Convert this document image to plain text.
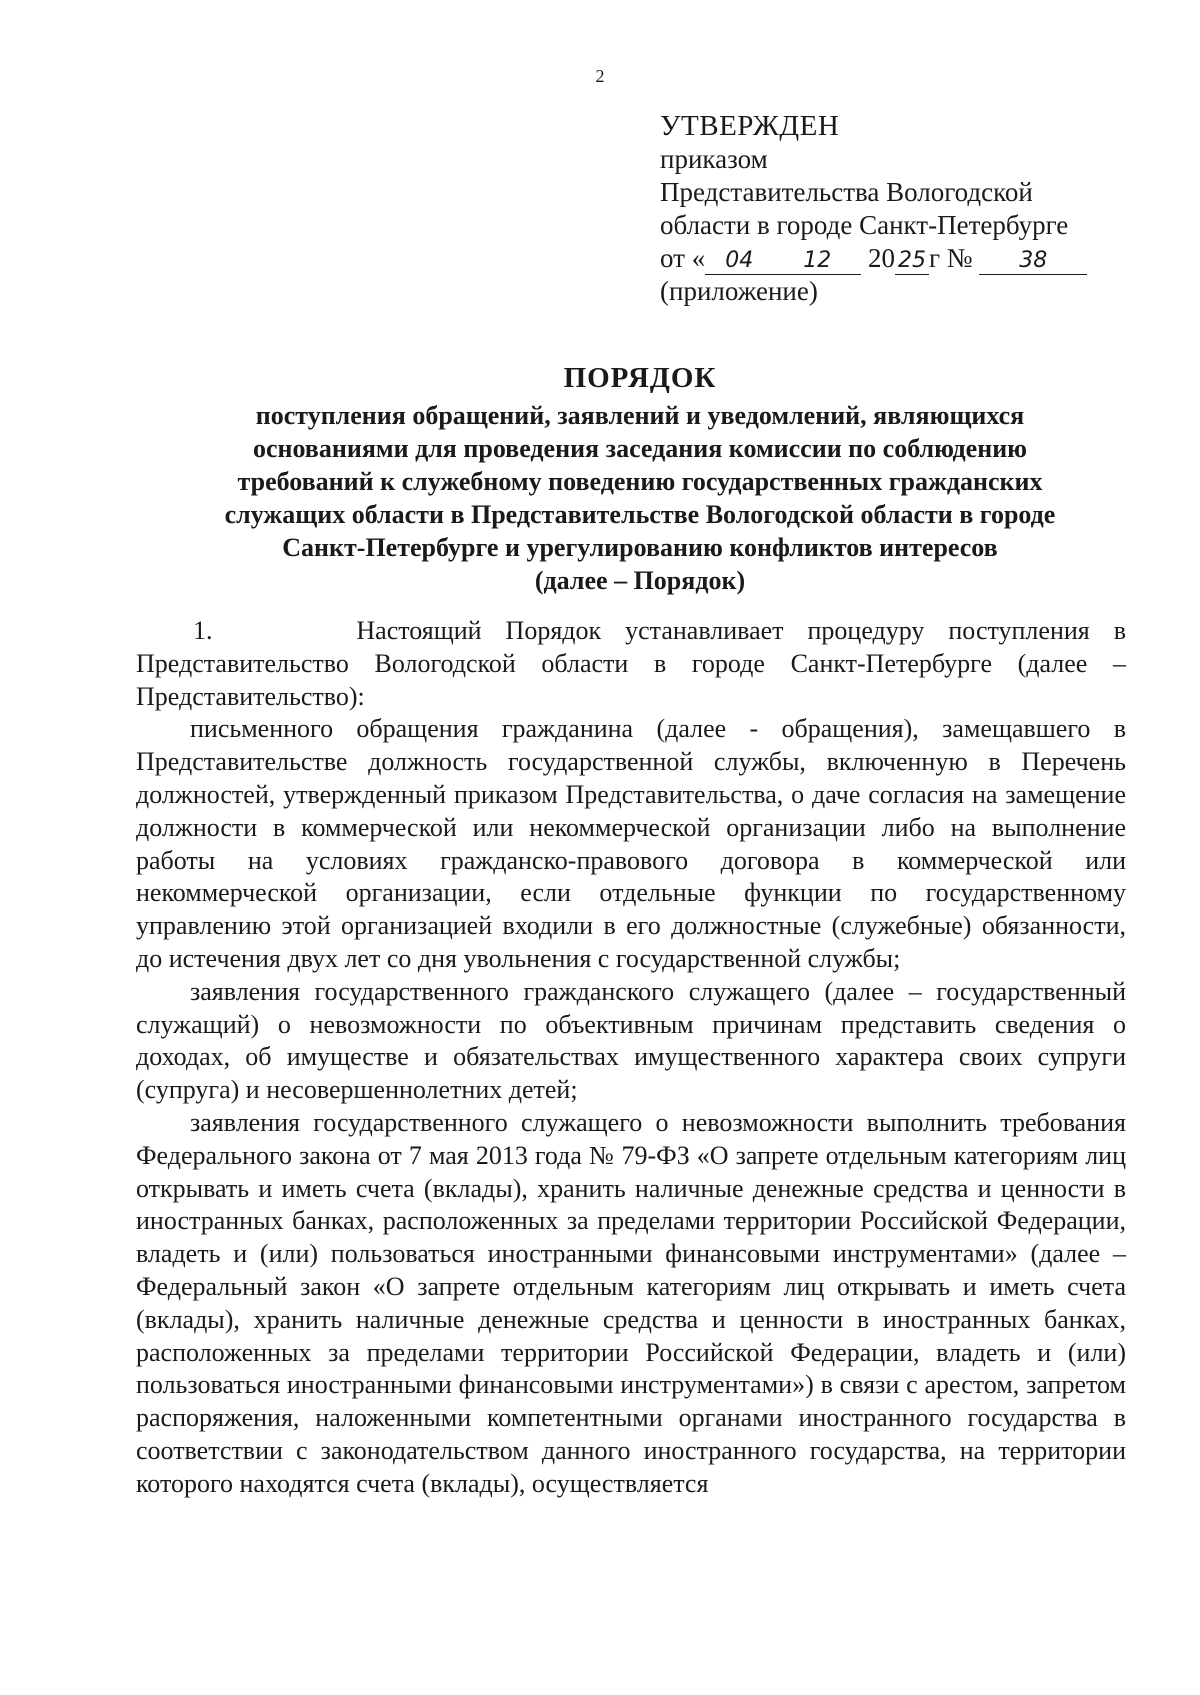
2
УТВЕРЖДЕН
приказом
Представительства Вологодской
области в городе Санкт-Петербурге
от « 04 12 20 25 г № 38
(приложение)
ПОРЯДОК
поступления обращений, заявлений и уведомлений, являющихся
основаниями для проведения заседания комиссии по соблюдению
требований к служебному поведению государственных гражданских
служащих области в Представительстве Вологодской области в городе
Санкт-Петербурге и урегулированию конфликтов интересов
(далее – Порядок)

1.      Настоящий Порядок устанавливает процедуру поступления в Представительство Вологодской области в городе Санкт-Петербурге (далее – Представительство):

письменного обращения гражданина (далее - обращения), замещавшего в Представительстве должность государственной службы, включенную в Перечень должностей, утвержденный приказом Представительства, о даче согласия на замещение должности в коммерческой или некоммерческой организации либо на выполнение работы на условиях гражданско-правового договора в коммерческой или некоммерческой организации, если отдельные функции по государственному управлению этой организацией входили в его должностные (служебные) обязанности, до истечения двух лет со дня увольнения с государственной службы;

заявления государственного гражданского служащего (далее – государственный служащий) о невозможности по объективным причинам представить сведения о доходах, об имуществе и обязательствах имущественного характера своих супруги (супруга) и несовершеннолетних детей;

заявления государственного служащего о невозможности выполнить требования Федерального закона от 7 мая 2013 года № 79-ФЗ «О запрете отдельным категориям лиц открывать и иметь счета (вклады), хранить наличные денежные средства и ценности в иностранных банках, расположенных за пределами территории Российской Федерации, владеть и (или) пользоваться иностранными финансовыми инструментами» (далее – Федеральный закон «О запрете отдельным категориям лиц открывать и иметь счета (вклады), хранить наличные денежные средства и ценности в иностранных банках, расположенных за пределами территории Российской Федерации, владеть и (или) пользоваться иностранными финансовыми инструментами») в связи с арестом, запретом распоряжения, наложенными компетентными органами иностранного государства в соответствии с законодательством данного иностранного государства, на территории которого находятся счета (вклады), осуществляется
